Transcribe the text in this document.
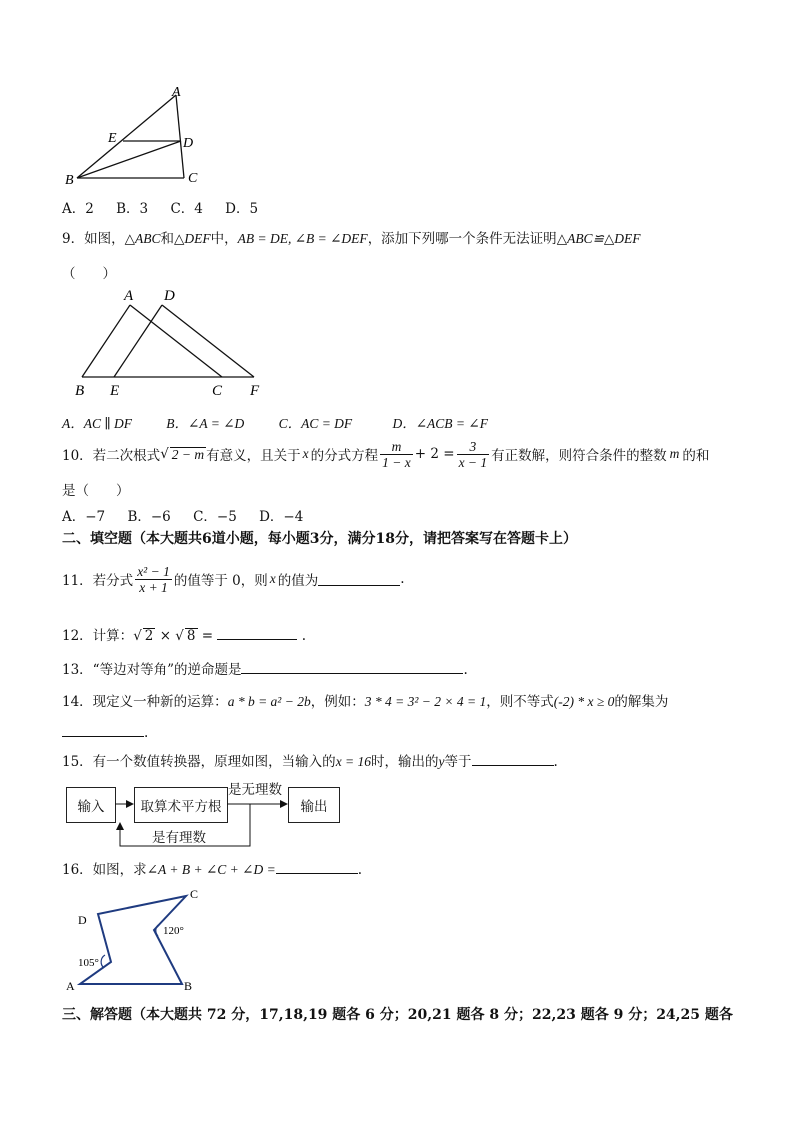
A
E	D
B	C
A．2 B．3 C．4 D．5
9．如图，△ABC和△DEF中，AB = DE, ∠B = ∠DEF，添加下列哪一个条件无法证明△ABC≌△DEF
（　　）
A D
B E	C F
A．AC ∥ DF	B．∠A = ∠D	C．AC = DF	D．∠ACB = ∠F
10．若二次根式 √ 2 − m 有意义，且关于 x 的分式方程 $\frac{m}{1 - x} + 2 = \frac{3}{x - 1}$ 有正数解，则符合条件的整数 m 的和
是（　　）
A．−7 B．−6 C．−5 D．−4
二、填空题（本大题共6道小题，每小题3分，满分18分，请把答案写在答题卡上）
11．若分式 $\frac{\text{x² − 1}}{x + 1}$ 的值等于 0，则 x 的值为	.
12．计算：√ 2 × √ 8 =	.
13．“等边对等角”的逆命题是	.
14．现定义一种新的运算：a * b = a² − 2b，例如：3 * 4 = 3² − 2 × 4 = 1，则不等式(-2) * x ≥ 0的解集为
.
15．有一个数值转换器，原理如图，当输入的x = 16时，输出的y等于	.
输入	取算术平方根	输出
是无理数
是有理数
16．如图，求∠A + B + ∠C + ∠D =	.
C
D
A	B
105°
120°
三、解答题（本大题共 72 分，17,18,19 题各 6 分；20,21 题各 8 分；22,23 题各 9 分；24,25 题各
